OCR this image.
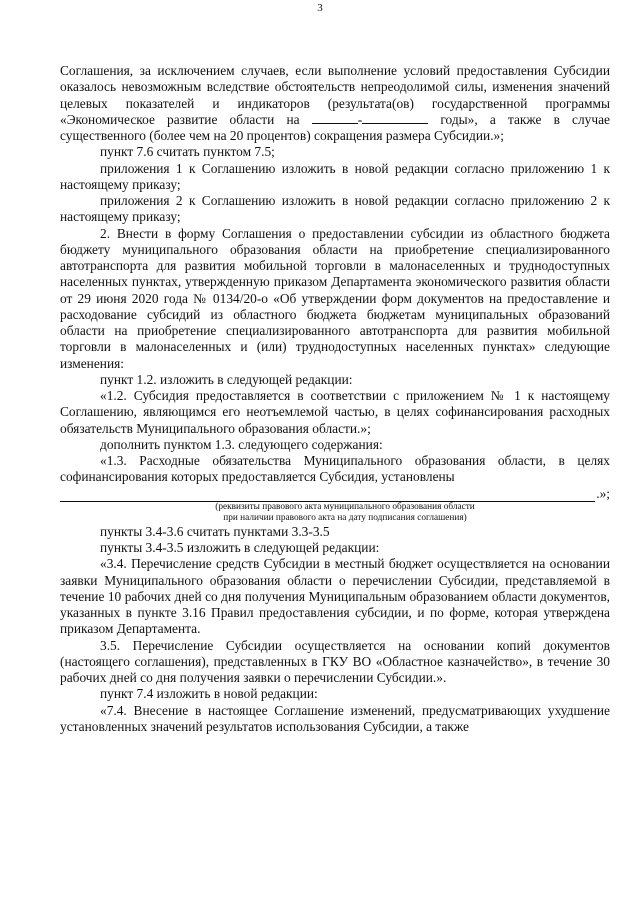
3

Соглашения, за исключением случаев, если выполнение условий предоставления Субсидии оказалось невозможным вследствие обстоятельств непреодолимой силы, изменения значений целевых показателей и индикаторов (результата(ов) государственной программы «Экономическое развитие области на	-	годы», а также в случае существенного (более чем на 20 процентов) сокращения размера Субсидии.»;

пункт 7.6 считать пунктом 7.5;

приложения 1 к Соглашению изложить в новой редакции согласно приложению 1 к настоящему приказу;

приложения 2 к Соглашению изложить в новой редакции согласно приложению 2 к настоящему приказу;

2. Внести в форму Соглашения о предоставлении субсидии из областного бюджета бюджету муниципального образования области на приобретение специализированного автотранспорта для развития мобильной торговли в малонаселенных и труднодоступных населенных пунктах, утвержденную приказом Департамента экономического развития области от 29 июня 2020 года № 0134/20-о «Об утверждении форм документов на предоставление и расходование субсидий из областного бюджета бюджетам муниципальных образований области на приобретение специализированного автотранспорта для развития мобильной торговли в малонаселенных и (или) труднодоступных населенных пунктах» следующие изменения:

пункт 1.2. изложить в следующей редакции:

«1.2. Субсидия предоставляется в соответствии с приложением № 1 к настоящему Соглашению, являющимся его неотъемлемой частью, в целях софинансирования расходных обязательств Муниципального образования области.»;

дополнить пунктом 1.3. следующего содержания:

«1.3. Расходные обязательства Муниципального образования области, в целях софинансирования которых предоставляется Субсидия, установлены

.»;
(реквизиты правового акта муниципального образования области
при наличии правового акта на дату подписания соглашения)

пункты 3.4-3.6 считать пунктами 3.3-3.5

пункты 3.4-3.5 изложить в следующей редакции:

«3.4. Перечисление средств Субсидии в местный бюджет осуществляется на основании заявки Муниципального образования области о перечислении Субсидии, представляемой в течение 10 рабочих дней со дня получения Муниципальным образованием области документов, указанных в пункте 3.16 Правил предоставления субсидии, и по форме, которая утверждена приказом Департамента.

3.5. Перечисление Субсидии осуществляется на основании копий документов (настоящего соглашения), представленных в ГКУ ВО «Областное казначейство», в течение 30 рабочих дней со дня получения заявки о перечислении Субсидии.».

пункт 7.4 изложить в новой редакции:

«7.4. Внесение в настоящее Соглашение изменений, предусматривающих ухудшение установленных значений результатов использования Субсидии, а также
